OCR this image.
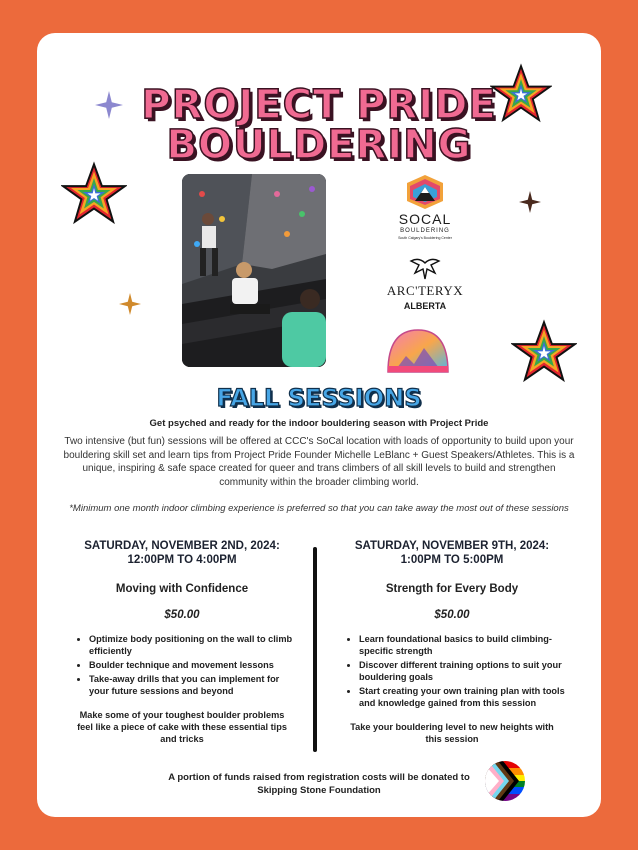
PROJECT PRIDE
BOULDERING
SOCAL
BOULDERING
South Calgary's Bouldering Center
ARC'TERYX
ALBERTA
FALL SESSIONS
Get psyched and ready for the indoor bouldering season with Project Pride
Two intensive (but fun) sessions will be offered at CCC's SoCal location with loads of opportunity to build upon your bouldering skill set and learn tips from Project Pride Founder Michelle LeBlanc + Guest Speakers/Athletes. This is a unique, inspiring & safe space created for queer and trans climbers of all skill levels to build and strengthen community within the broader climbing world.
*Minimum one month indoor climbing experience is preferred so that you can take away the most out of these sessions
SATURDAY, NOVEMBER 2ND, 2024:
12:00PM TO 4:00PM
Moving with Confidence
$50.00
• Optimize body positioning on the wall to climb efficiently
• Boulder technique and movement lessons
• Take-away drills that you can implement for your future sessions and beyond
Make some of your toughest boulder problems feel like a piece of cake with these essential tips and tricks
SATURDAY, NOVEMBER 9TH, 2024:
1:00PM TO 5:00PM
Strength for Every Body
$50.00
• Learn foundational basics to build climbing-specific strength
• Discover different training options to suit your bouldering goals
• Start creating your own training plan with tools and knowledge gained from this session
Take your bouldering level to new heights with this session
A portion of funds raised from registration costs will be donated to Skipping Stone Foundation
